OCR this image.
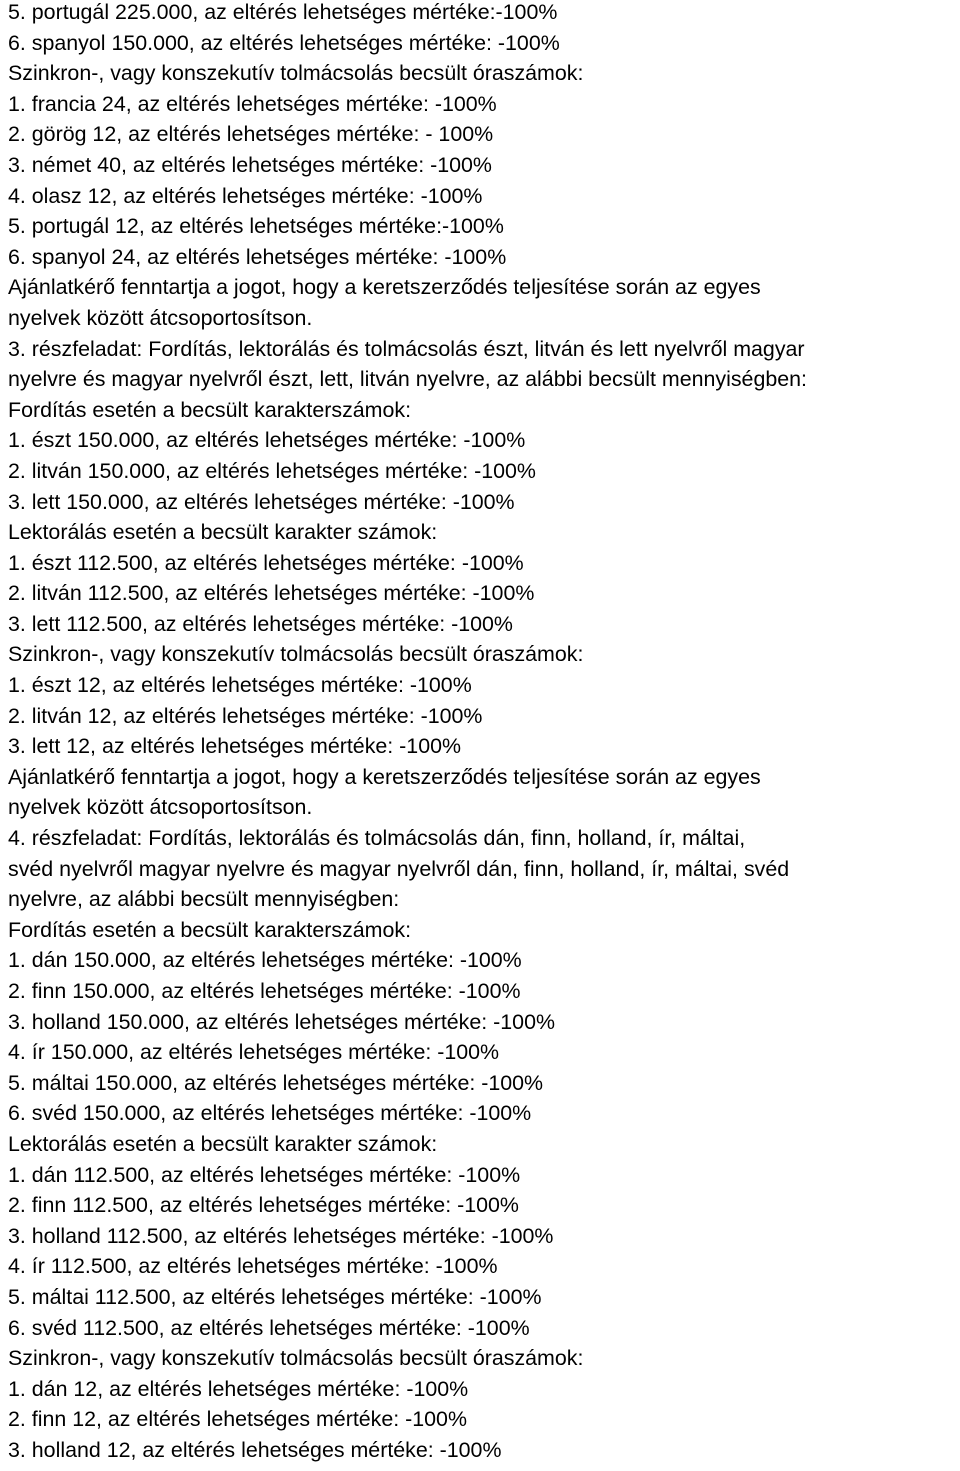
5. portugál 225.000, az eltérés lehetséges mértéke:-100%

6. spanyol 150.000, az eltérés lehetséges mértéke: -100%

Szinkron-, vagy konszekutív tolmácsolás becsült óraszámok:

1. francia 24, az eltérés lehetséges mértéke: -100%

2. görög 12, az eltérés lehetséges mértéke: - 100%

3. német 40, az eltérés lehetséges mértéke: -100%

4. olasz 12, az eltérés lehetséges mértéke: -100%

5. portugál 12, az eltérés lehetséges mértéke:-100%

6. spanyol 24, az eltérés lehetséges mértéke: -100%

Ajánlatkérő fenntartja a jogot, hogy a keretszerződés teljesítése során az egyes

nyelvek között átcsoportosítson.

3. részfeladat: Fordítás, lektorálás és tolmácsolás észt, litván és lett nyelvről magyar

nyelvre és magyar nyelvről észt, lett, litván nyelvre, az alábbi becsült mennyiségben:

Fordítás esetén a becsült karakterszámok:

1. észt 150.000, az eltérés lehetséges mértéke: -100%

2. litván 150.000, az eltérés lehetséges mértéke: -100%

3. lett 150.000, az eltérés lehetséges mértéke: -100%

Lektorálás esetén a becsült karakter számok:

1. észt 112.500, az eltérés lehetséges mértéke: -100%

2. litván 112.500, az eltérés lehetséges mértéke: -100%

3. lett 112.500, az eltérés lehetséges mértéke: -100%

Szinkron-, vagy konszekutív tolmácsolás becsült óraszámok:

1. észt 12, az eltérés lehetséges mértéke: -100%

2. litván 12, az eltérés lehetséges mértéke: -100%

3. lett 12, az eltérés lehetséges mértéke: -100%

Ajánlatkérő fenntartja a jogot, hogy a keretszerződés teljesítése során az egyes

nyelvek között átcsoportosítson.

4. részfeladat: Fordítás, lektorálás és tolmácsolás dán, finn, holland, ír, máltai,

svéd nyelvről magyar nyelvre és magyar nyelvről dán, finn, holland, ír, máltai, svéd

nyelvre, az alábbi becsült mennyiségben:

Fordítás esetén a becsült karakterszámok:

1. dán 150.000, az eltérés lehetséges mértéke: -100%

2. finn 150.000, az eltérés lehetséges mértéke: -100%

3. holland 150.000, az eltérés lehetséges mértéke: -100%

4. ír 150.000, az eltérés lehetséges mértéke: -100%

5. máltai 150.000, az eltérés lehetséges mértéke: -100%

6. svéd 150.000, az eltérés lehetséges mértéke: -100%

Lektorálás esetén a becsült karakter számok:

1. dán 112.500, az eltérés lehetséges mértéke: -100%

2. finn 112.500, az eltérés lehetséges mértéke: -100%

3. holland 112.500, az eltérés lehetséges mértéke: -100%

4. ír 112.500, az eltérés lehetséges mértéke: -100%

5. máltai 112.500, az eltérés lehetséges mértéke: -100%

6. svéd 112.500, az eltérés lehetséges mértéke: -100%

Szinkron-, vagy konszekutív tolmácsolás becsült óraszámok:

1. dán 12, az eltérés lehetséges mértéke: -100%

2. finn 12, az eltérés lehetséges mértéke: -100%

3. holland 12, az eltérés lehetséges mértéke: -100%
